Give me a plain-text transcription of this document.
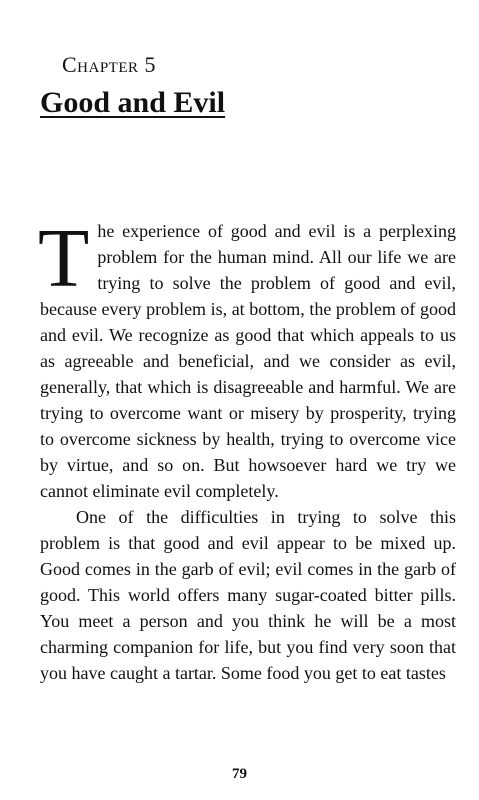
Chapter 5
Good and Evil

The experience of good and evil is a perplexing problem for the human mind. All our life we are trying to solve the problem of good and evil, because every problem is, at bottom, the problem of good and evil. We recognize as good that which appeals to us as agreeable and beneficial, and we consider as evil, generally, that which is disagreeable and harmful. We are trying to overcome want or misery by prosperity, trying to overcome sickness by health, trying to overcome vice by virtue, and so on. But howsoever hard we try we cannot eliminate evil completely.

One of the difficulties in trying to solve this problem is that good and evil appear to be mixed up. Good comes in the garb of evil; evil comes in the garb of good. This world offers many sugar-coated bitter pills. You meet a person and you think he will be a most charming companion for life, but you find very soon that you have caught a tartar. Some food you get to eat tastes

79
